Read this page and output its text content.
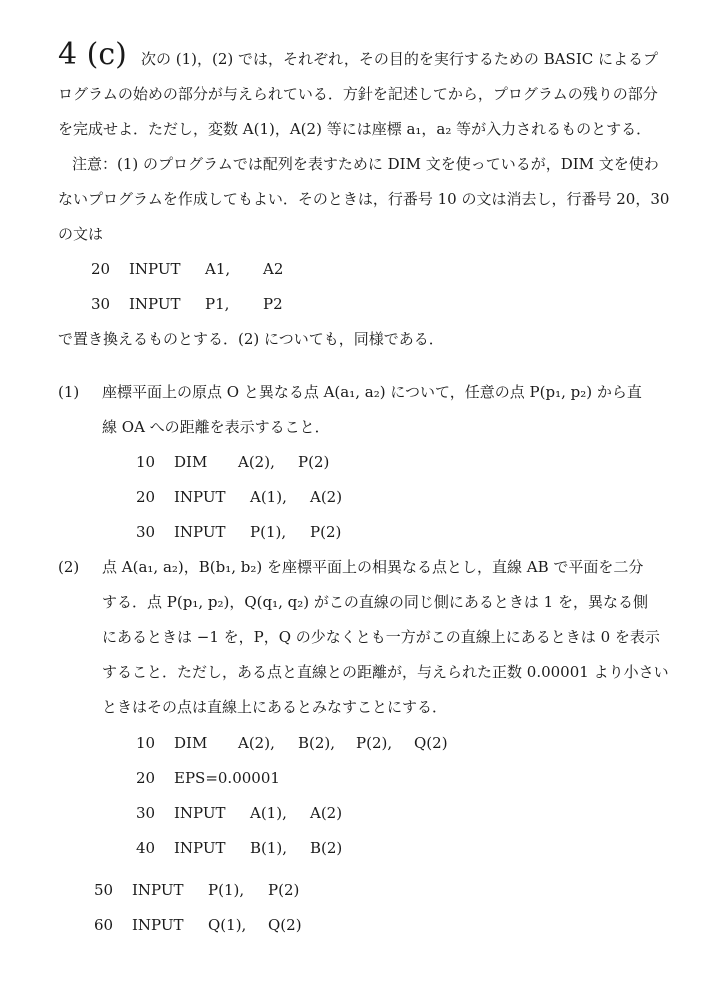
4 (c) 次の (1)，(2) では，それぞれ，その目的を実行するための BASIC によるプ
ログラムの始めの部分が与えられている．方針を記述してから，プログラムの残りの部分
を完成せよ．ただし，変数 A(1)，A(2) 等には座標 a₁，a₂ 等が入力されるものとする．
注意：(1) のプログラムでは配列を表すために DIM 文を使っているが，DIM 文を使わ
ないプログラムを作成してもよい．そのときは，行番号 10 の文は消去し，行番号 20，30
の文は
20 INPUT A1, A2
30 INPUT P1, P2
で置き換えるものとする．(2) についても，同様である．
(1) 座標平面上の原点 O と異なる点 A(a₁, a₂) について，任意の点 P(p₁, p₂) から直
線 OA への距離を表示すること．
10 DIM A(2), P(2)
20 INPUT A(1), A(2)
30 INPUT P(1), P(2)
(2) 点 A(a₁, a₂)，B(b₁, b₂) を座標平面上の相異なる点とし，直線 AB で平面を二分
する．点 P(p₁, p₂)，Q(q₁, q₂) がこの直線の同じ側にあるときは 1 を，異なる側
にあるときは −1 を，P，Q の少なくとも一方がこの直線上にあるときは 0 を表示
すること．ただし，ある点と直線との距離が，与えられた正数 0.00001 より小さい
ときはその点は直線上にあるとみなすことにする．
10 DIM A(2), B(2), P(2), Q(2)
20 EPS=0.00001
30 INPUT A(1), A(2)
40 INPUT B(1), B(2)
50 INPUT P(1), P(2)
60 INPUT Q(1), Q(2)
